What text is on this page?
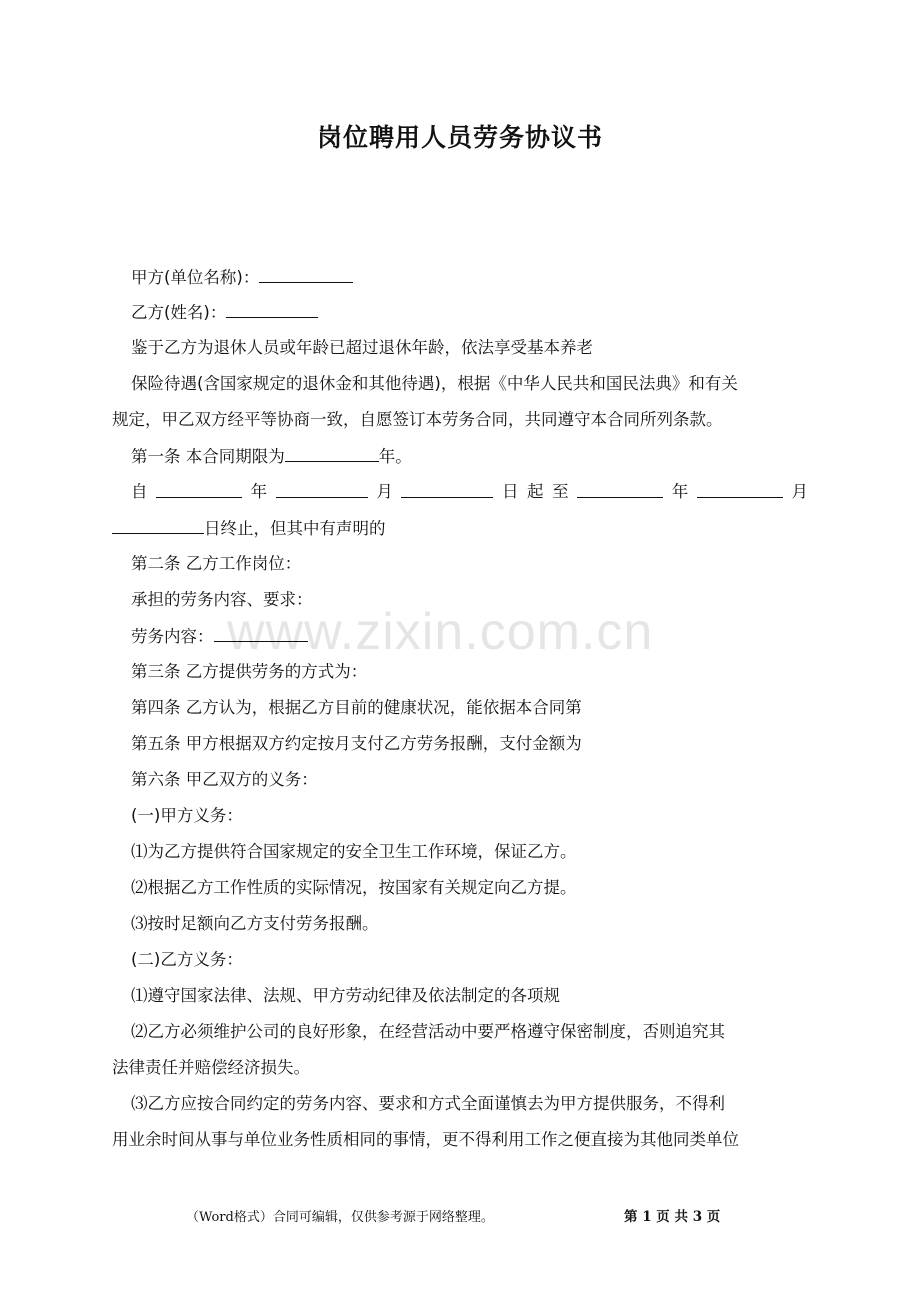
岗位聘用人员劳务协议书
甲方(单位名称)：
乙方(姓名)：
鉴于乙方为退休人员或年龄已超过退休年龄，依法享受基本养老
保险待遇(含国家规定的退休金和其他待遇)，根据《中华人民共和国民法典》和有关
规定，甲乙双方经平等协商一致，自愿签订本劳务合同，共同遵守本合同所列条款。
第一条 本合同期限为	年。
自	年	月	日 起 至	年	月
日终止，但其中有声明的
第二条 乙方工作岗位：
承担的劳务内容、要求：
劳务内容：
第三条 乙方提供劳务的方式为：
第四条 乙方认为，根据乙方目前的健康状况，能依据本合同第
第五条 甲方根据双方约定按月支付乙方劳务报酬，支付金额为
第六条 甲乙双方的义务：
(一)甲方义务：
⑴为乙方提供符合国家规定的安全卫生工作环境，保证乙方。
⑵根据乙方工作性质的实际情况，按国家有关规定向乙方提。
⑶按时足额向乙方支付劳务报酬。
(二)乙方义务：
⑴遵守国家法律、法规、甲方劳动纪律及依法制定的各项规
⑵乙方必须维护公司的良好形象，在经营活动中要严格遵守保密制度，否则追究其
法律责任并赔偿经济损失。
⑶乙方应按合同约定的劳务内容、要求和方式全面谨慎去为甲方提供服务，不得利
用业余时间从事与单位业务性质相同的事情，更不得利用工作之便直接为其他同类单位
www.zixin.com.cn
（Word格式）合同可编辑，仅供参考源于网络整理。	第 1 页 共 3 页
